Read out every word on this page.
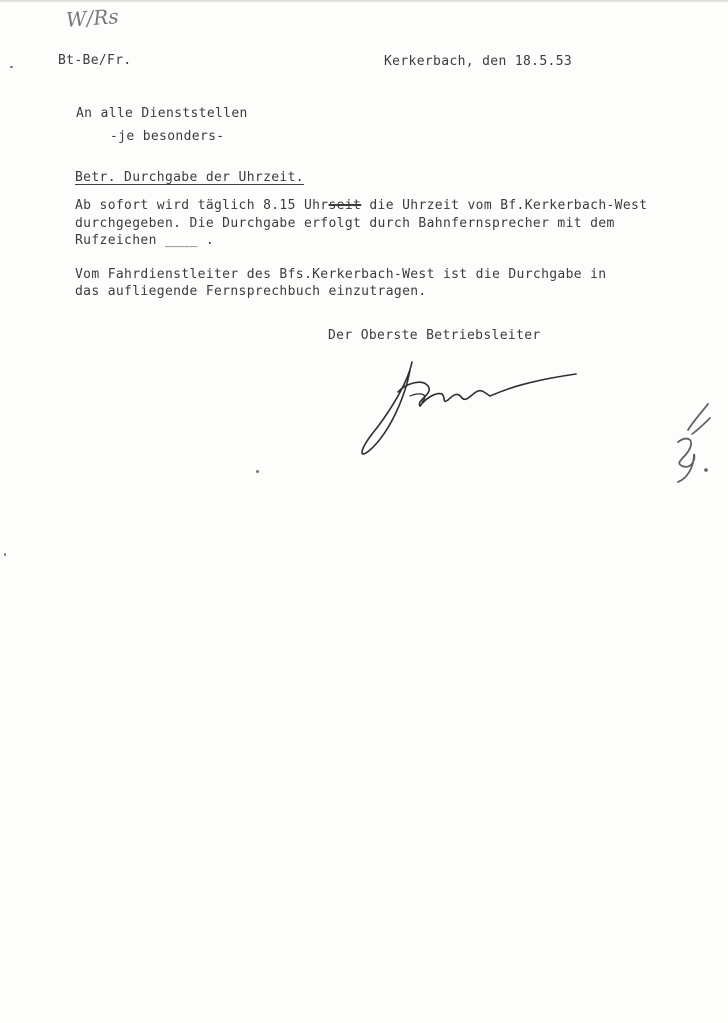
W/Rs
Bt-Be/Fr.	Kerkerbach, den 18.5.53
An alle Dienststellen
-je besonders-
Betr. Durchgabe der Uhrzeit.
Ab sofort wird täglich 8.15 Uhrseit die Uhrzeit vom Bf.Kerkerbach-West
durchgegeben. Die Durchgabe erfolgt durch Bahnfernsprecher mit dem
Rufzeichen ____ .
Vom Fahrdienstleiter des Bfs.Kerkerbach-West ist die Durchgabe in
das aufliegende Fernsprechbuch einzutragen.
Der Oberste Betriebsleiter
